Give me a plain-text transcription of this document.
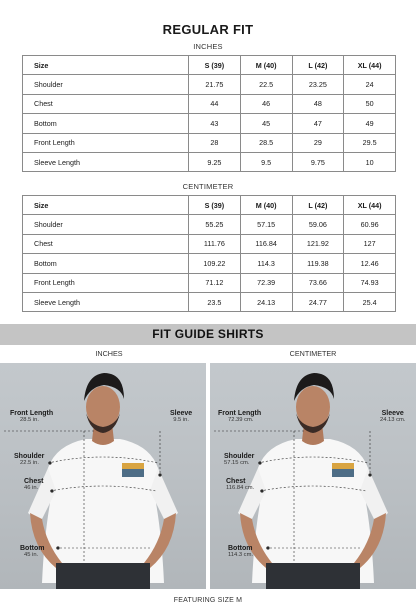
REGULAR FIT
INCHES
Size	S (39)	M (40)	L (42)	XL (44)
Shoulder	21.75	22.5	23.25	24
Chest	44	46	48	50
Bottom	43	45	47	49
Front Length	28	28.5	29	29.5
Sleeve Length	9.25	9.5	9.75	10
CENTIMETER
Size	S (39)	M (40)	L (42)	XL (44)
Shoulder	55.25	57.15	59.06	60.96
Chest	111.76	116.84	121.92	127
Bottom	109.22	114.3	119.38	12.46
Front Length	71.12	72.39	73.66	74.93
Sleeve Length	23.5	24.13	24.77	25.4
FIT GUIDE SHIRTS
INCHES
Front Length
28.5 in.
Shoulder
22.5 in.
Chest
46 in.
Bottom
45 in.
Sleeve
9.5 in.
CENTIMETER
Front Length
72.39 cm.
Shoulder
57.15 cm.
Chest
116.84 cm.
Bottom
114.3 cm.
Sleeve
24.13 cm.
FEATURING SIZE M
